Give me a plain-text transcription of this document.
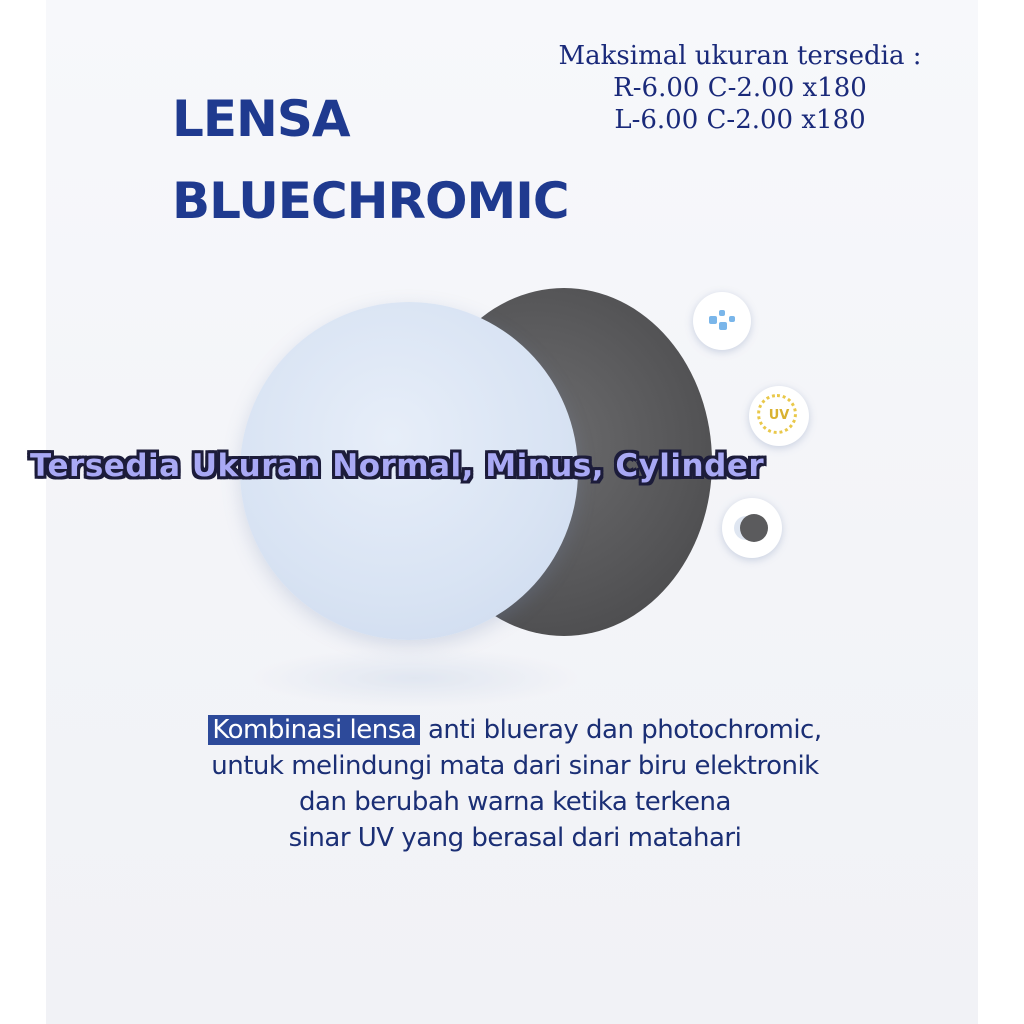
Maksimal ukuran tersedia :
R-6.00 C-2.00 x180
L-6.00 C-2.00 x180
LENSA
BLUECHROMIC
UV
Tersedia Ukuran Normal, Minus, Cylinder
Kombinasi lensa anti blueray dan photochromic,
untuk melindungi mata dari sinar biru elektronik
dan berubah warna ketika terkena
sinar UV yang berasal dari matahari
